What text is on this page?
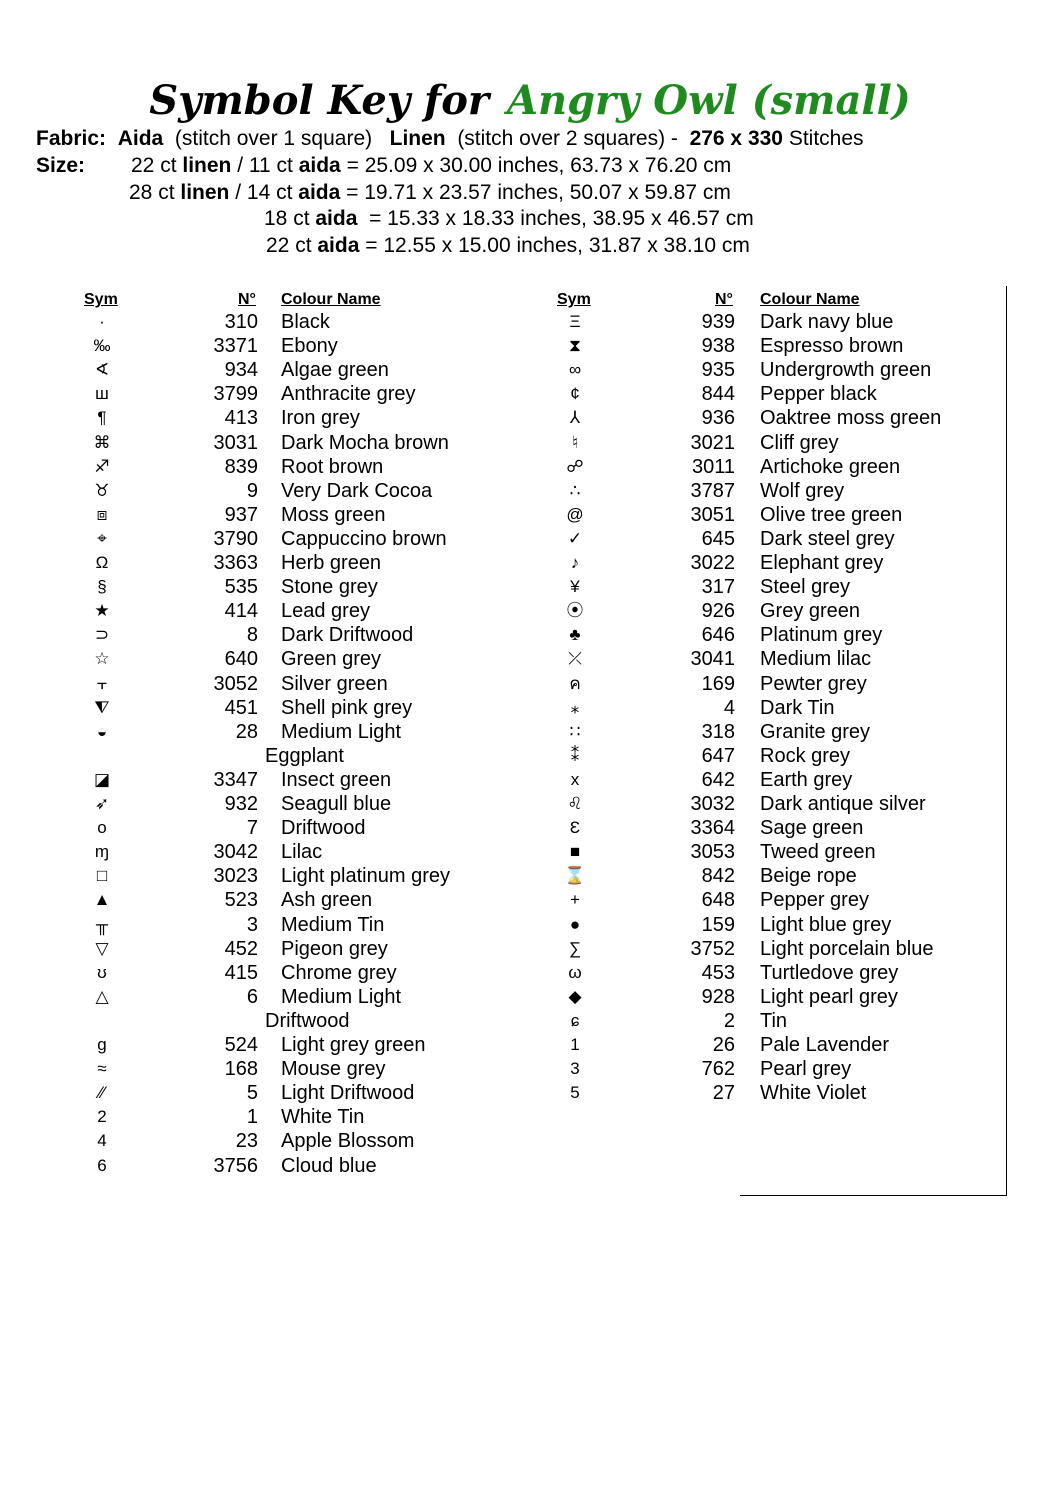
Symbol Key for Angry Owl (small)
Fabric: Aida (stitch over 1 square) Linen (stitch over 2 squares) - 276 x 330 Stitches
Size: 22 ct linen / 11 ct aida = 25.09 x 30.00 inches, 63.73 x 76.20 cm
28 ct linen / 14 ct aida = 19.71 x 23.57 inches, 50.07 x 59.87 cm
18 ct aida = 15.33 x 18.33 inches, 38.95 x 46.57 cm
22 ct aida = 12.55 x 15.00 inches, 31.87 x 38.10 cm
Sym	N° Colour Name	Sym	N° Colour Name
·	310 Black
‰	3371 Ebony
∢	934 Algae green
ш	3799 Anthracite grey
¶	413 Iron grey
⌘	3031 Dark Mocha brown
♐	839 Root brown
♉	9 Very Dark Cocoa
⧈	937 Moss green
⌖	3790 Cappuccino brown
Ω	3363 Herb green
§	535 Stone grey
★	414 Lead grey
⊃	8 Dark Driftwood
☆	640 Green grey
⫟	3052 Silver green
⧨	451 Shell pink grey
◒	28 Medium Light
Eggplant
◪	3347 Insect green
➶	932 Seagull blue
o	7 Driftwood
ɱ	3042 Lilac
□	3023 Light platinum grey
▲	523 Ash green
╥	3 Medium Tin
▽	452 Pigeon grey
ʊ	415 Chrome grey
△	6 Medium Light
Driftwood
g	524 Light grey green
≈	168 Mouse grey
⁄⁄	5 Light Driftwood
2	1 White Tin
4	23 Apple Blossom
6	3756 Cloud blue
Ξ	939 Dark navy blue
⧗	938 Espresso brown
∞	935 Undergrowth green
¢	844 Pepper black
⅄	936 Oaktree moss green
♮	3021 Cliff grey
☍	3011 Artichoke green
∴	3787 Wolf grey
@	3051 Olive tree green
✓	645 Dark steel grey
♪	3022 Elephant grey
¥	317 Steel grey
⦿	926 Grey green
♣	646 Platinum grey
⤫	3041 Medium lilac
ค	169 Pewter grey
⁎	4 Dark Tin
∷	318 Granite grey
⁑	647 Rock grey
x	642 Earth grey
♌	3032 Dark antique silver
Ɛ	3364 Sage green
■	3053 Tweed green
⌛	842 Beige rope
+	648 Pepper grey
●	159 Light blue grey
∑	3752 Light porcelain blue
ω	453 Turtledove grey
◆	928 Light pearl grey
ɕ	2 Tin
1	26 Pale Lavender
3	762 Pearl grey
5	27 White Violet
